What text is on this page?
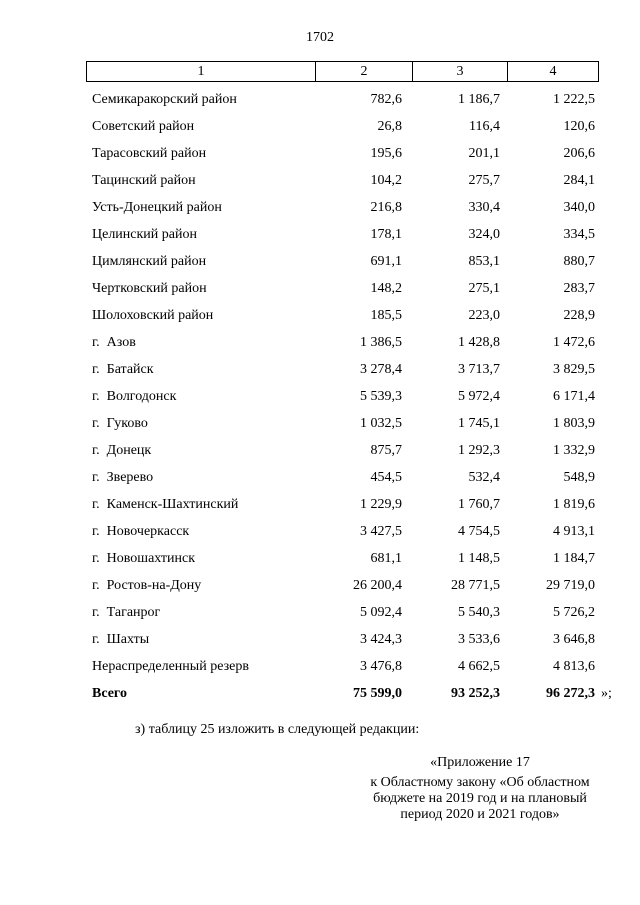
1702
1	2	3	4
Семикаракорский район	782,6	1 186,7	1 222,5
Советский район	26,8	116,4	120,6
Тарасовский район	195,6	201,1	206,6
Тацинский район	104,2	275,7	284,1
Усть-Донецкий район	216,8	330,4	340,0
Целинский район	178,1	324,0	334,5
Цимлянский район	691,1	853,1	880,7
Чертковский район	148,2	275,1	283,7
Шолоховский район	185,5	223,0	228,9
г.  Азов	1 386,5	1 428,8	1 472,6
г.  Батайск	3 278,4	3 713,7	3 829,5
г.  Волгодонск	5 539,3	5 972,4	6 171,4
г.  Гуково	1 032,5	1 745,1	1 803,9
г.  Донецк	875,7	1 292,3	1 332,9
г.  Зверево	454,5	532,4	548,9
г.  Каменск-Шахтинский	1 229,9	1 760,7	1 819,6
г.  Новочеркасск	3 427,5	4 754,5	4 913,1
г.  Новошахтинск	681,1	1 148,5	1 184,7
г.  Ростов-на-Дону	26 200,4	28 771,5	29 719,0
г.  Таганрог	5 092,4	5 540,3	5 726,2
г.  Шахты	3 424,3	3 533,6	3 646,8
Нераспределенный резерв	3 476,8	4 662,5	4 813,6
Всего	75 599,0	93 252,3	96 272,3 »;
з) таблицу 25 изложить в следующей редакции:
«Приложение 17
к Областному закону «Об областном
бюджете на 2019 год и на плановый
период 2020 и 2021 годов»
